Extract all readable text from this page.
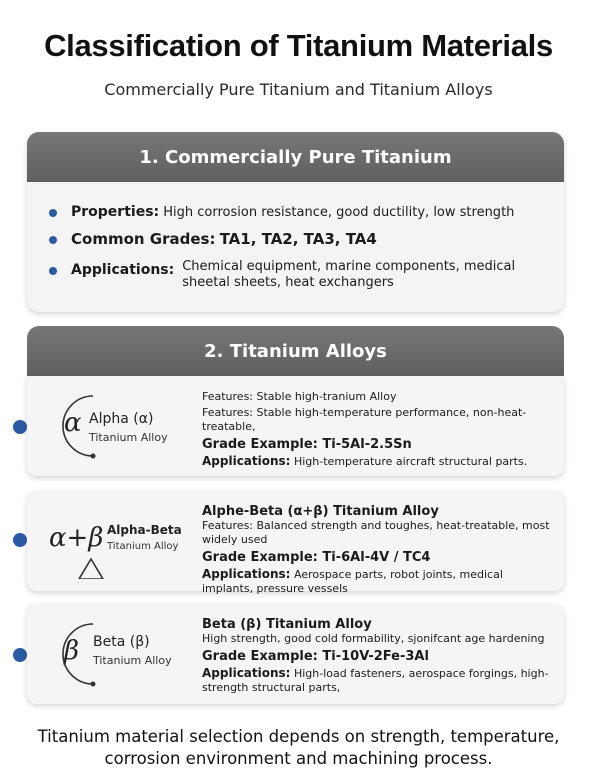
Classification of Titanium Materials
Commercially Pure Titanium and Titanium Alloys
1. Commercially Pure Titanium
Properties: High corrosion resistance, good ductility, low strength
Common Grades: TA1, TA2, TA3, TA4
Applications: Chemical equipment, marine components, medical sheetal sheets, heat exchangers
2. Titanium Alloys
α Alpha (α)
Titanium Alloy
Features: Stable high-tranium Alloy
Features: Stable high-temperature performance, non-heat-treatable,
Grade Example: Ti-5Al-2.5Sn
Applications: High-temperature aircraft structural parts.
α+β Alpha-Beta
Titanium Alloy
Alphe-Beta (α+β) Titanium Alloy
Features: Balanced strength and toughes, heat-treatable, most widely used
Grade Example: Ti-6Al-4V / TC4
Applications: Aerospace parts, robot joints, medical implants, pressure vessels
β Beta (β)
Titanium Alloy
Beta (β) Titanium Alloy
High strength, good cold formability, sjonifcant age hardening
Grade Example: Ti-10V-2Fe-3Al
Applications: High-load fasteners, aerospace forgings, high-strength structural parts,
Titanium material selection depends on strength, temperature, corrosion environment and machining process.
